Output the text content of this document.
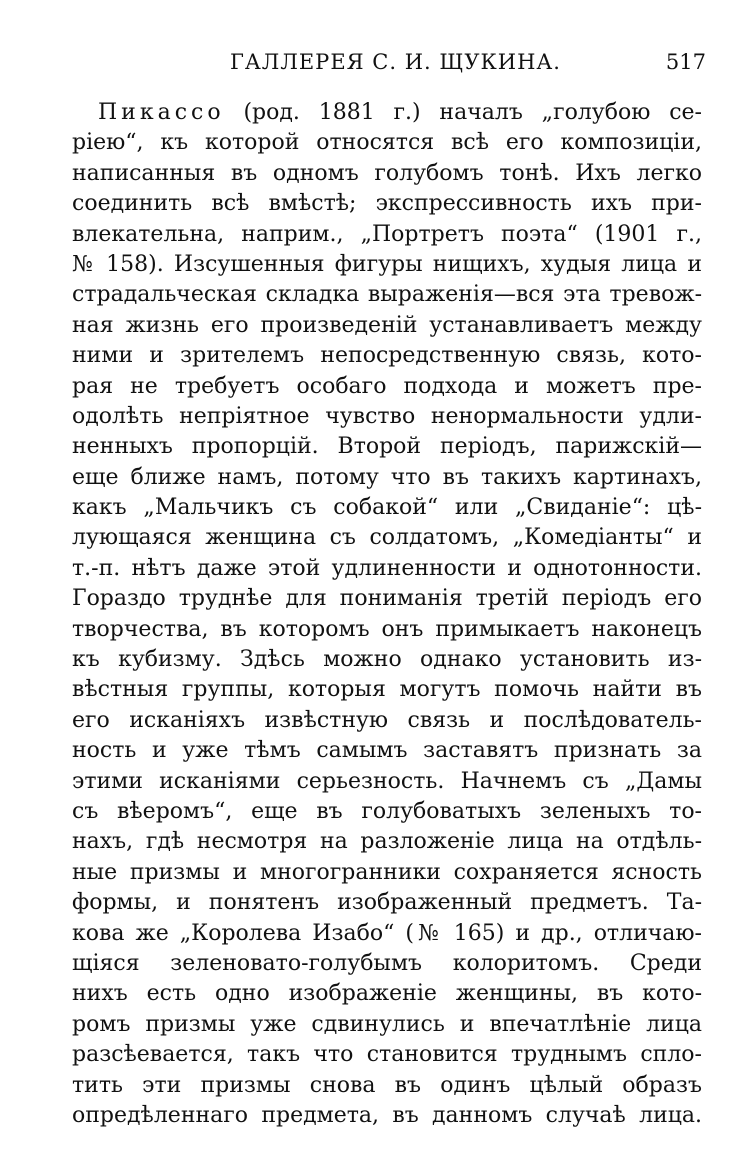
ГАЛЛЕРЕЯ С. И. ЩУКИНА.	517
Пикассо (род. 1881 г.) началъ „голубою се-
ріею“, къ которой относятся всѣ его композиціи,
написанныя въ одномъ голубомъ тонѣ. Ихъ легко
соединить всѣ вмѣстѣ; экспрессивность ихъ при-
влекательна, наприм., „Портретъ поэта“ (1901 г.,
№ 158). Изсушенныя фигуры нищихъ, худыя лица и
страдальческая складка выраженія—вся эта тревож-
ная жизнь его произведеній устанавливаетъ между
ними и зрителемъ непосредственную связь, кото-
рая не требуетъ особаго подхода и можетъ пре-
одолѣть непріятное чувство ненормальности удли-
ненныхъ пропорцій. Второй періодъ, парижскій—
еще ближе намъ, потому что въ такихъ картинахъ,
какъ „Мальчикъ съ собакой“ или „Свиданіе“: цѣ-
лующаяся женщина съ солдатомъ, „Комедіанты“ и
т.-п. нѣтъ даже этой удлиненности и однотонности.
Гораздо труднѣе для пониманія третій періодъ его
творчества, въ которомъ онъ примыкаетъ наконецъ
къ кубизму. Здѣсь можно однако установить из-
вѣстныя группы, которыя могутъ помочь найти въ
его исканіяхъ извѣстную связь и послѣдователь-
ность и уже тѣмъ самымъ заставятъ признать за
этими исканіями серьезность. Начнемъ съ „Дамы
съ вѣеромъ“, еще въ голубоватыхъ зеленыхъ то-
нахъ, гдѣ несмотря на разложеніе лица на отдѣль-
ные призмы и многогранники сохраняется ясность
формы, и понятенъ изображенный предметъ. Та-
кова же „Королева Изабо“ (№ 165) и др., отличаю-
щіяся зеленовато-голубымъ колоритомъ. Среди
нихъ есть одно изображеніе женщины, въ кото-
ромъ призмы уже сдвинулись и впечатлѣніе лица
разсѣевается, такъ что становится труднымъ спло-
тить эти призмы снова въ одинъ цѣлый образъ
опредѣленнаго предмета, въ данномъ случаѣ лица.
